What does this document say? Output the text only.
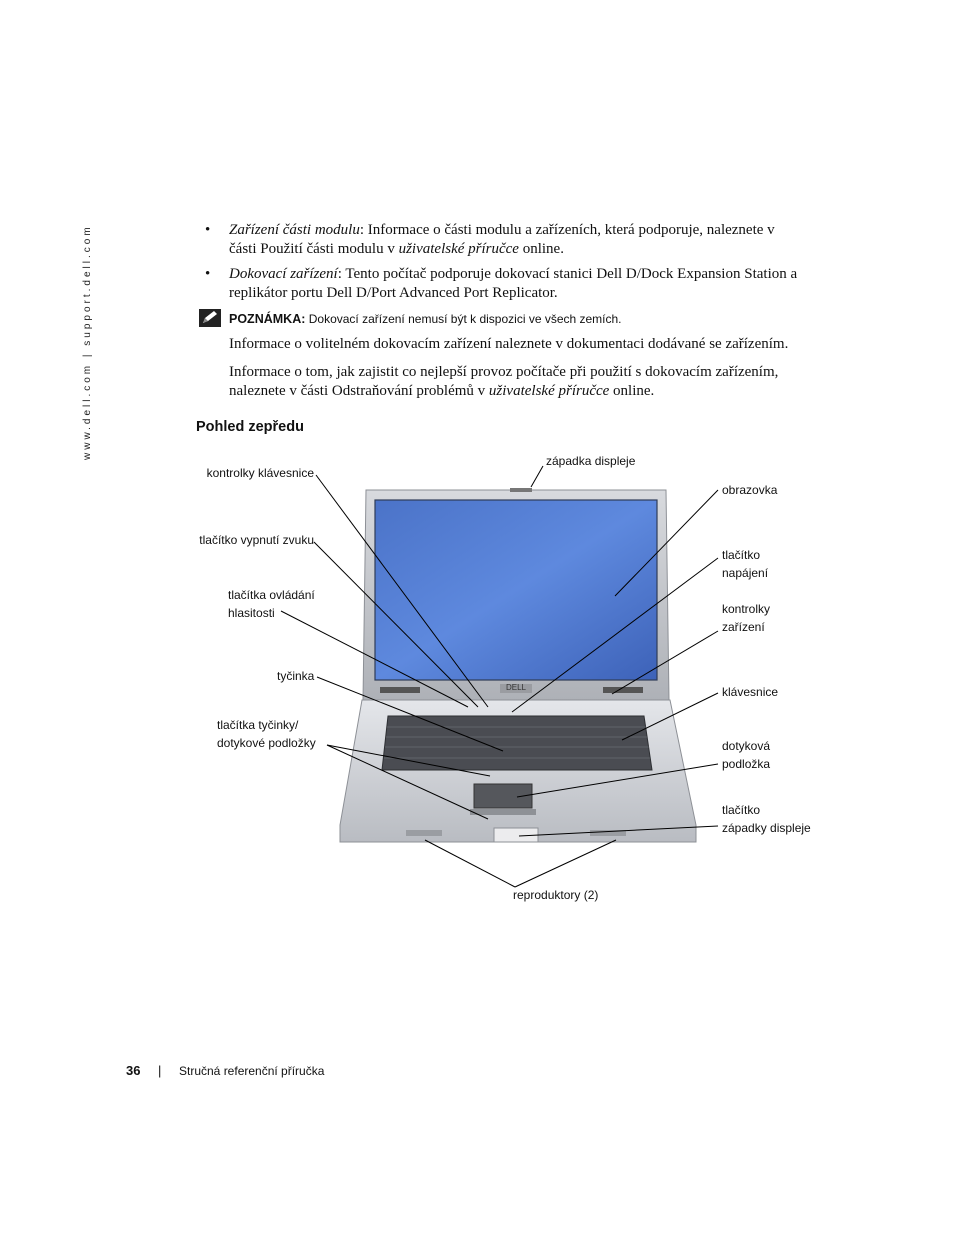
www.dell.com | support.dell.com	• Zařízení části modulu: Informace o části modulu a zařízeních, která podporuje, naleznete v
části Použití části modulu v uživatelské příručce online.
• Dokovací zařízení: Tento počítač podporuje dokovací stanici Dell D/Dock Expansion Station a
replikátor portu Dell D/Port Advanced Port Replicator.
POZNÁMKA: Dokovací zařízení nemusí být k dispozici ve všech zemích.
Informace o volitelném dokovacím zařízení naleznete v dokumentaci dodávané se zařízením.
Informace o tom, jak zajistit co nejlepší provoz počítače při použití s dokovacím zařízením,
naleznete v části Odstraňování problémů v uživatelské příručce online.
Pohled zepředu
DELL
západka displeje
kontrolky klávesnice
obrazovka
tlačítko vypnutí zvuku
tlačítko
napájení
tlačítka ovládání
hlasitosti	kontrolky
zařízení
tyčinka
klávesnice
tlačítka tyčinky/
dotykové podložky	dotyková
podložka
tlačítko
západky displeje
reproduktory (2)
36 | Stručná referenční příručka
